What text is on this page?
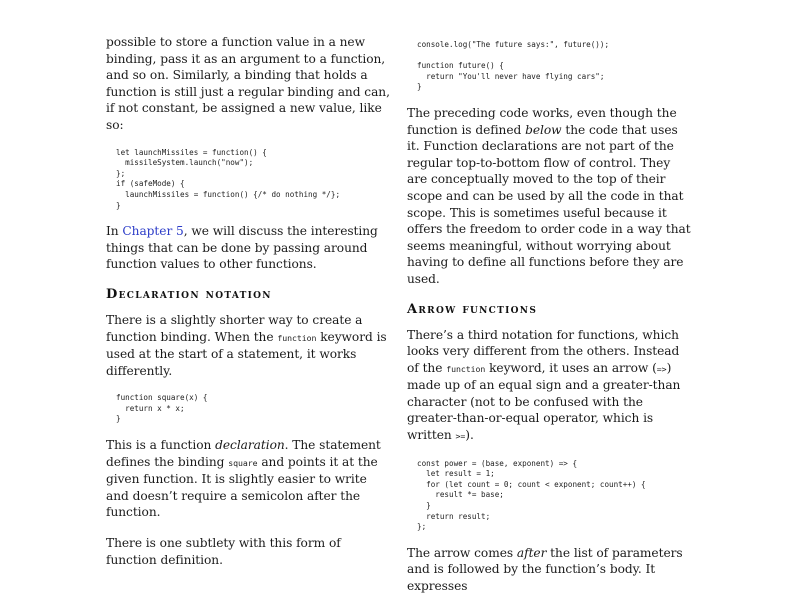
possible to store a function value in a new binding, pass it as an argument to a function, and so on. Similarly, a binding that holds a function is still just a regular binding and can, if not constant, be assigned a new value, like so:

let launchMissiles = function() {
missileSystem.launch("now");
};
if (safeMode) {
launchMissiles = function() {/* do nothing */};
}

In Chapter 5, we will discuss the interesting things that can be done by passing around function values to other functions.

Declaration notation

There is a slightly shorter way to create a function binding. When the function keyword is used at the start of a statement, it works differently.

function square(x) {
return x * x;
}

This is a function declaration. The statement defines the binding square and points it at the given function. It is slightly easier to write and doesn’t require a semicolon after the function.

There is one subtlety with this form of function definition.

console.log("The future says:", future());

function future() {
return "You'll never have flying cars";
}

The preceding code works, even though the function is defined below the code that uses it. Function declarations are not part of the regular top-to-bottom flow of control. They are conceptually moved to the top of their scope and can be used by all the code in that scope. This is sometimes useful because it offers the freedom to order code in a way that seems meaningful, without worrying about having to define all functions before they are used.

Arrow functions

There’s a third notation for functions, which looks very different from the others. Instead of the function keyword, it uses an arrow (=>) made up of an equal sign and a greater-than character (not to be confused with the greater-than-or-equal operator, which is written >=).

const power = (base, exponent) => {
let result = 1;
for (let count = 0; count < exponent; count++) {
result *= base;
}
return result;
};

The arrow comes after the list of parameters and is followed by the function’s body. It expresses
